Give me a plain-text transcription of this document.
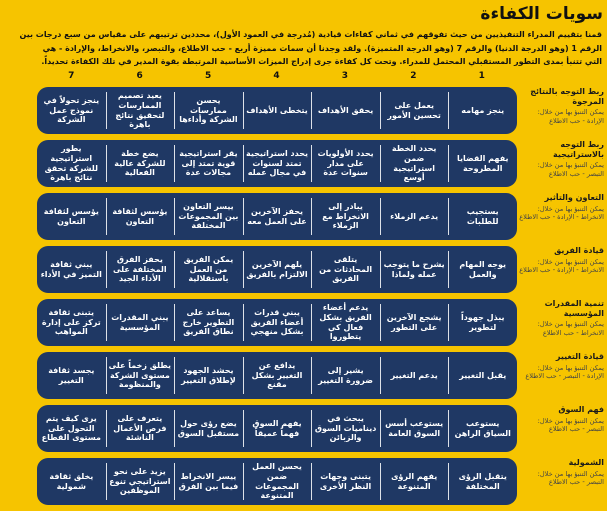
سويات الكفاءة

قمنا بتقييم المدراء التنفيذيين من حيث تفوقهم في ثماني كفاءات قيادية (مُدرجة في العمود الأول)، محددين ترتيبهم على مقياس من سبع درجات بين
الرقم 1 (وهو الدرجة الدنيا) والرقم 7 (وهو الدرجة المتميزة). ولقد وجدنا أن سمات مميزة أربع - حب الاطلاع، والتبصر، والانخراط، والإرادة - هي
التي تتنبأ بمدى التطور المستقبلي المحتمل للمدراء. وتحت كل كفاءة جرى إدراج الميزات الأساسية المرتبطة بقوة المدير في تلك الكفاءة تحديداً.

1
2
3
4
5
6
7
ربط التوجه بالنتائج المرجوة
يمكن التنبؤ بها من خلال:
الإرادة - حب الاطلاع
ينجز مهامه
يعمل على تحسين الأمور
يحقق الأهداف
يتخطى الأهداف
يحسن ممارسات الشركة وأداءها
يعيد تصميم الممارسات لتحقيق نتائج باهرة
ينجز تحولاً في نموذج عمل الشركة
ربط التوجه بالاستراتيجية
يمكن التنبؤ بها من خلال:
التبصر - حب الاطلاع
يفهم القضايا المطروحة
يحدد الخطة ضمن استراتيجية أوسع
يحدد الأولويات على مدار سنوات عدة
يحدد استراتيجية تمتد لسنوات في مجال عمله
يقر استراتيجية قوية تمتد إلى مجالات عدة
يضع خطة للشركة عالية الفعالية
يطور استراتيجية للشركة تحقق نتائج باهرة
التعاون والتأثير
يمكن التنبؤ بها من خلال:
الانخراط - الإرادة - حب الاطلاع
يستجيب للطلبات
يدعم الزملاء
يبادر إلى الانخراط مع الزملاء
يحفز الآخرين على العمل معه
ييسر التعاون بين المجموعات المختلفة
يؤسس لثقافة التعاون
يؤسس لثقافة التعاون
قيادة الفريق
يمكن التنبؤ بها من خلال:
الانخراط - الإرادة - حب الاطلاع
يوجه المهام والعمل
يشرح ما يتوجب عمله ولماذا
يتلقى المحادثات من الفريق
يلهم الآخرين الالتزام بالفريق
يمكن الفريق من العمل باستقلالية
يحفز الفرق المختلفة على الأداء الجيد
يبني ثقافة التميز في الأداء
تنمية المقدرات المؤسسية
يمكن التنبؤ بها من خلال:
الانخراط - حب الاطلاع
يبذل جهوداً لتطوير
يشجع الآخرين على التطور
يدعم أعضاء الفريق بشكل فعال كي يتطوروا
يبني قدرات أعضاء الفريق بشكل منهجي
يساعد على التطوير خارج نطاق الفريق
يبني المقدرات المؤسسية
يتبنى ثقافة تركز على إدارة المواهب
قيادة التغيير
يمكن التنبؤ بها من خلال:
الإرادة - التبصر - حب الاطلاع
يقبل التغيير
يدعم التغيير
يشير إلى ضرورة التغيير
يدافع عن التغيير بشكل مقنع
يحشد الجهود لإطلاق التغيير
يطلق زخماً على مستوى الشركة والمنظومة
يجسد ثقافة التغيير
فهم السوق
يمكن التنبؤ بها من خلال:
التبصر - حب الاطلاع
يستوعب السياق الراهن
يستوعب أسس السوق العامة
يبحث في ديناميات السوق والزبائن
يفهم السوق فهماً عميقاً
يضع رؤى حول مستقبل السوق
يتعرف على فرص الأعمال الناشئة
يرى كيف يتم التحول على مستوى القطاع
الشمولية
يمكن التنبؤ بها من خلال:
التبصر - حب الاطلاع
يتقبل الرؤى المختلفة
يفهم الرؤى المتنوعة
يتبنى وجهات النظر الأخرى
يحسن العمل ضمن المجموعات المتنوعة
ييسر الانخراط فيما بين الفرق
يزيد على نحو استراتيجي تنوع الموظفين
يخلق ثقافة شمولية
